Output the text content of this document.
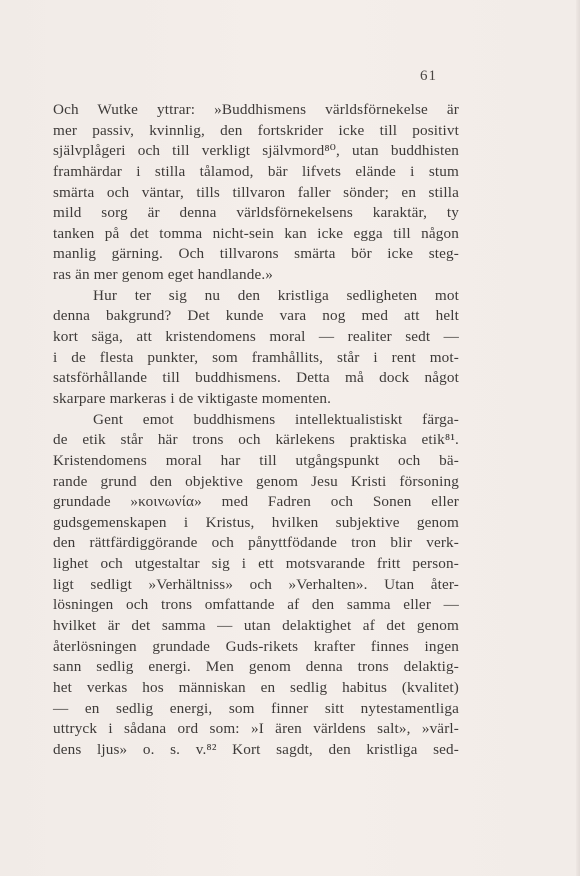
61
Och Wutke yttrar: »Buddhismens världsförnekelse är
mer passiv, kvinnlig, den fortskrider icke till positivt
självplågeri och till verkligt självmord⁸⁰, utan buddhisten
framhärdar i stilla tålamod, bär lifvets elände i stum
smärta och väntar, tills tillvaron faller sönder; en stilla
mild sorg är denna världsförnekelsens karaktär, ty
tanken på det tomma nicht-sein kan icke egga till någon
manlig gärning. Och tillvarons smärta bör icke steg-
ras än mer genom eget handlande.»
Hur ter sig nu den kristliga sedligheten mot
denna bakgrund? Det kunde vara nog med att helt
kort säga, att kristendomens moral — realiter sedt —
i de flesta punkter, som framhållits, står i rent mot-
satsförhållande till buddhismens. Detta må dock något
skarpare markeras i de viktigaste momenten.
Gent emot buddhismens intellektualistiskt färga-
de etik står här trons och kärlekens praktiska etik⁸¹.
Kristendomens moral har till utgångspunkt och bä-
rande grund den objektive genom Jesu Kristi försoning
grundade »κοινωνία» med Fadren och Sonen eller
gudsgemenskapen i Kristus, hvilken subjektive genom
den rättfärdiggörande och pånyttfödande tron blir verk-
lighet och utgestaltar sig i ett motsvarande fritt person-
ligt sedligt »Verhältniss» och »Verhalten». Utan åter-
lösningen och trons omfattande af den samma eller —
hvilket är det samma — utan delaktighet af det genom
återlösningen grundade Guds-rikets krafter finnes ingen
sann sedlig energi. Men genom denna trons delaktig-
het verkas hos människan en sedlig habitus (kvalitet)
— en sedlig energi, som finner sitt nytestamentliga
uttryck i sådana ord som: »I ären världens salt», »värl-
dens ljus» o. s. v.⁸² Kort sagdt, den kristliga sed-
